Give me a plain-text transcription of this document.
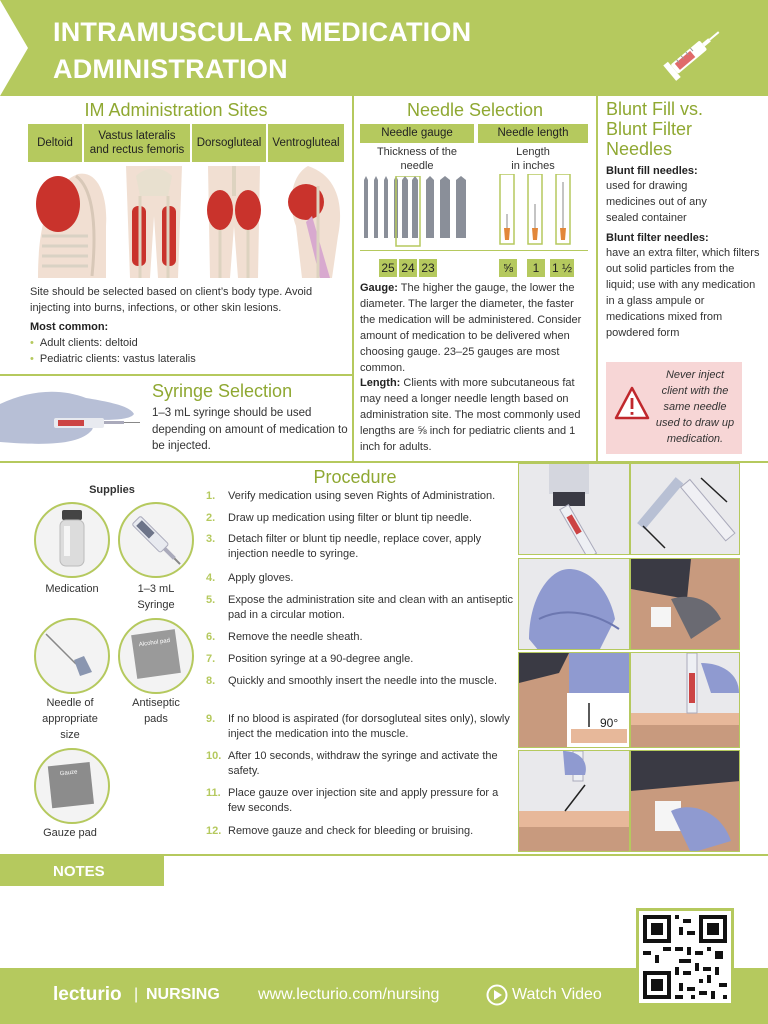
INTRAMUSCULAR MEDICATION
ADMINISTRATION
IM Administration Sites
Deltoid
Vastus lateralis
and rectus femoris
Dorsogluteal Ventrogluteal
Site should be selected based on client’s body type. Avoid injecting into burns, infections, or other skin lesions.
Most common:
• Adult clients: deltoid
• Pediatric clients: vastus lateralis
Syringe Selection
1–3 mL syringe should be used depending on amount of medication to be injected.
Needle Selection
Needle gauge	Needle length
Thickness of the
needle
Length
in inches
25 24 23	⅝	1	1 ½
Gauge: The higher the gauge, the lower the diameter. The larger the diameter, the faster the medication will be administered. Consider amount of medication to be delivered when choosing gauge. 23–25 gauges are most common.
Length: Clients with more subcutaneous fat may need a longer needle length based on administration site. The most commonly used lengths are ⅝ inch for pediatric clients and 1 inch for adults.
Blunt Fill vs.
Blunt Filter
Needles
Blunt fill needles:
used for drawing medicines out of any sealed container
Blunt filter needles:
have an extra filter, which filters out solid particles from the liquid; use with any medication in a glass ampule or medications mixed from powdered form
Never inject client with the same needle used to draw up medication.
Procedure
Supplies
Medication	1–3 mL
Syringe
Needle of
appropriate
size
Alcohol pad
Antiseptic
pads
Gauze
Gauze pad
1. Verify medication using seven Rights of Administration.
2. Draw up medication using filter or blunt tip needle.
3. Detach filter or blunt tip needle, replace cover, apply injection needle to syringe.
4. Apply gloves.
5. Expose the administration site and clean with an antiseptic pad in a circular motion.
6. Remove the needle sheath.
7. Position syringe at a 90-degree angle.
8. Quickly and smoothly insert the needle into the muscle.
9. If no blood is aspirated (for dorsogluteal sites only), slowly inject the medication into the muscle.
10. After 10 seconds, withdraw the syringe and activate the safety.
11. Place gauze over injection site and apply pressure for a few seconds.
12. Remove gauze and check for bleeding or bruising.
90°
NOTES
lecturio | NURSING www.lecturio.com/nursing	Watch Video
